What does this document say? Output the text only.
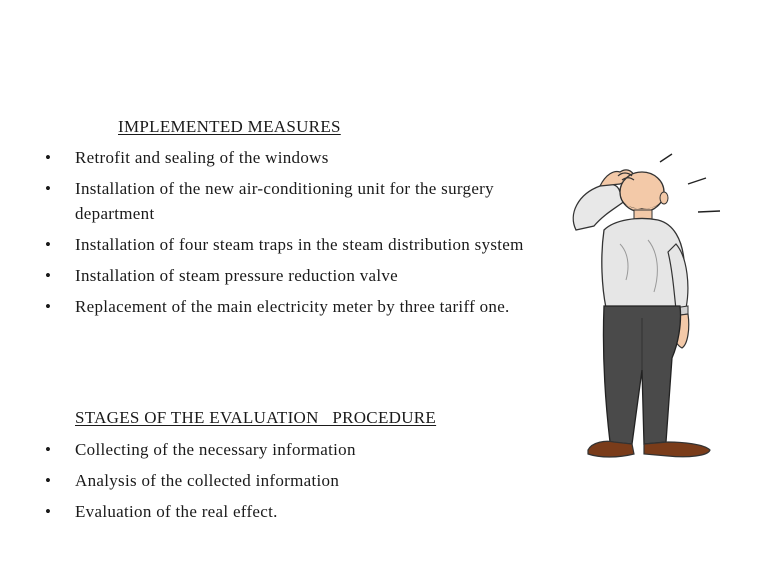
IMPLEMENTED MEASURES
• Retrofit and sealing of the windows
• Installation of the new air-conditioning unit for the surgery department
• Installation of four steam traps in the steam distribution system
• Installation of steam pressure reduction valve
• Replacement of the main electricity meter by three tariff one.
STAGES OF THE EVALUATION   PROCEDURE
• Collecting of the necessary information
• Analysis of the collected information
• Evaluation of the real effect.
